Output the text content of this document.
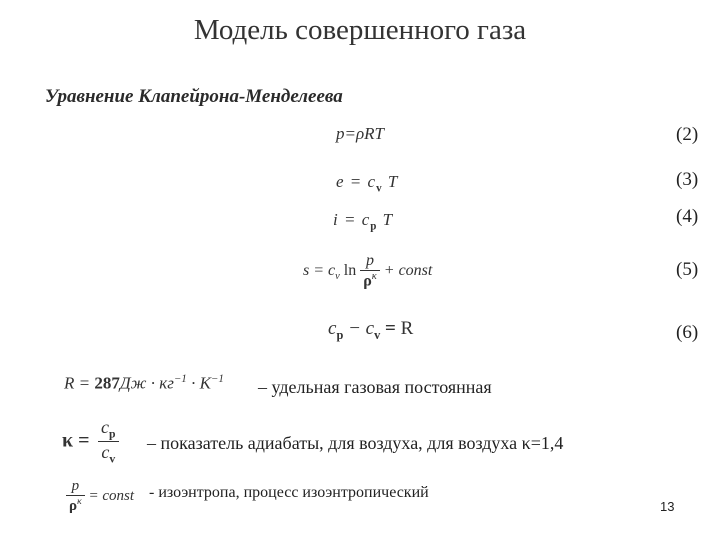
Модель совершенного газа
Уравнение Клапейрона-Менделеева
p=ρRT	(2)
$e = c_v$ T	(3)
$i = c_p$ T	(4)
$s = c_v$ $\ln \frac{p}{\rho^\kappa}$ + const	(5)
$c_p - c_v = R$	(6)
$R = 287Дж \cdot кг^{-1} \cdot K^{-1}$ – удельная газовая постоянная
$\kappa = \frac{c_p}{c_v}$ – показатель адиабаты, для воздуха, для воздуха κ=1,4
$\frac{p}{\rho^\kappa}$ = const - изоэнтропа, процесс изоэнтропический
13
